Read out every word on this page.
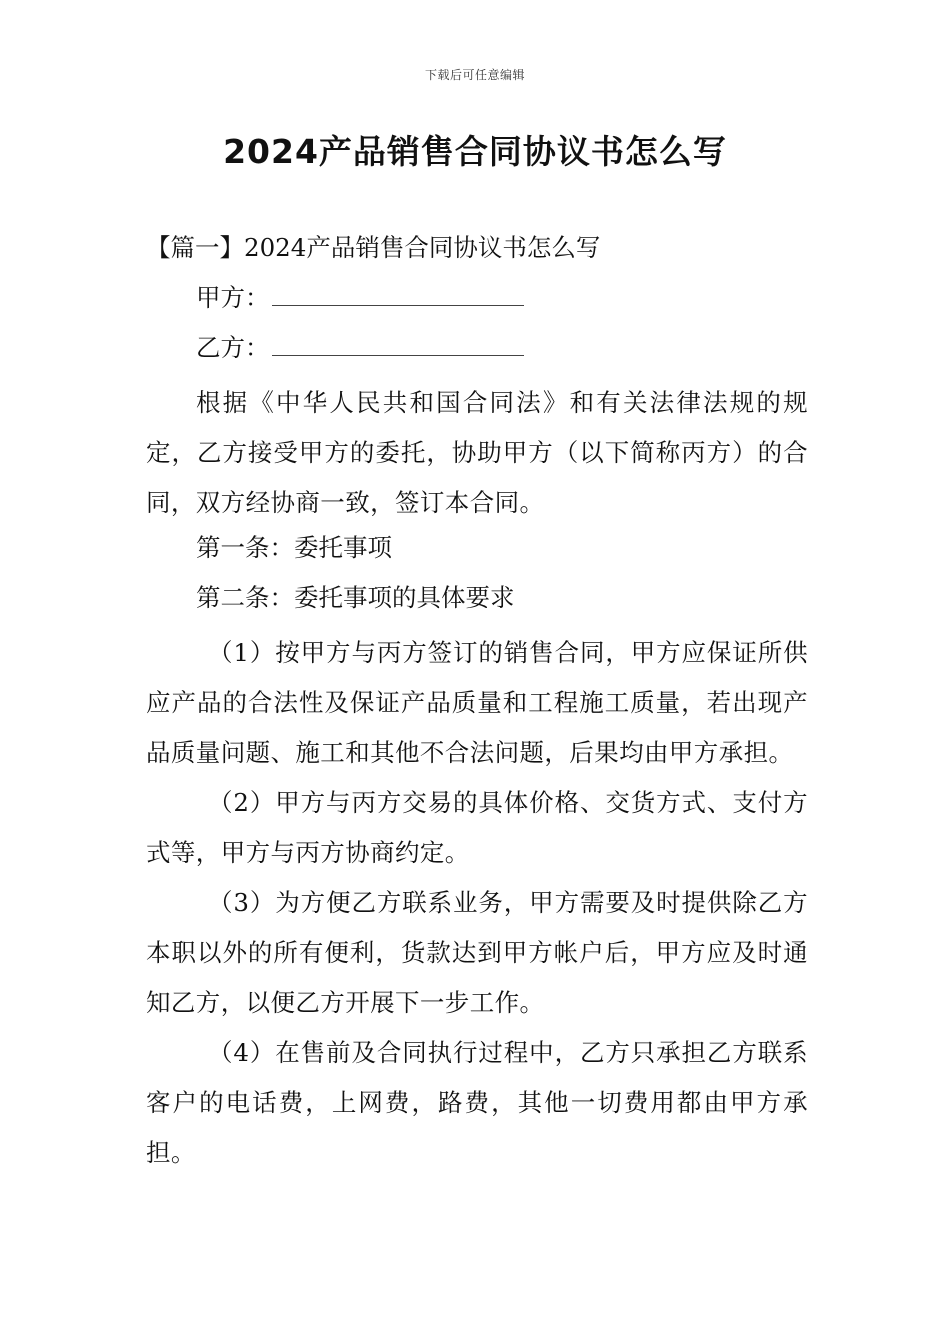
下载后可任意编辑
2024产品销售合同协议书怎么写
【篇一】2024产品销售合同协议书怎么写
甲方：
乙方：
根据《中华人民共和国合同法》和有关法律法规的规定，乙方接受甲方的委托，协助甲方（以下简称丙方）的合同，双方经协商一致，签订本合同。
第一条：委托事项
第二条：委托事项的具体要求
（1）按甲方与丙方签订的销售合同，甲方应保证所供应产品的合法性及保证产品质量和工程施工质量，若出现产品质量问题、施工和其他不合法问题，后果均由甲方承担。
（2）甲方与丙方交易的具体价格、交货方式、支付方式等，甲方与丙方协商约定。
（3）为方便乙方联系业务，甲方需要及时提供除乙方本职以外的所有便利，货款达到甲方帐户后，甲方应及时通知乙方，以便乙方开展下一步工作。
（4）在售前及合同执行过程中，乙方只承担乙方联系客户的电话费，上网费，路费，其他一切费用都由甲方承担。
